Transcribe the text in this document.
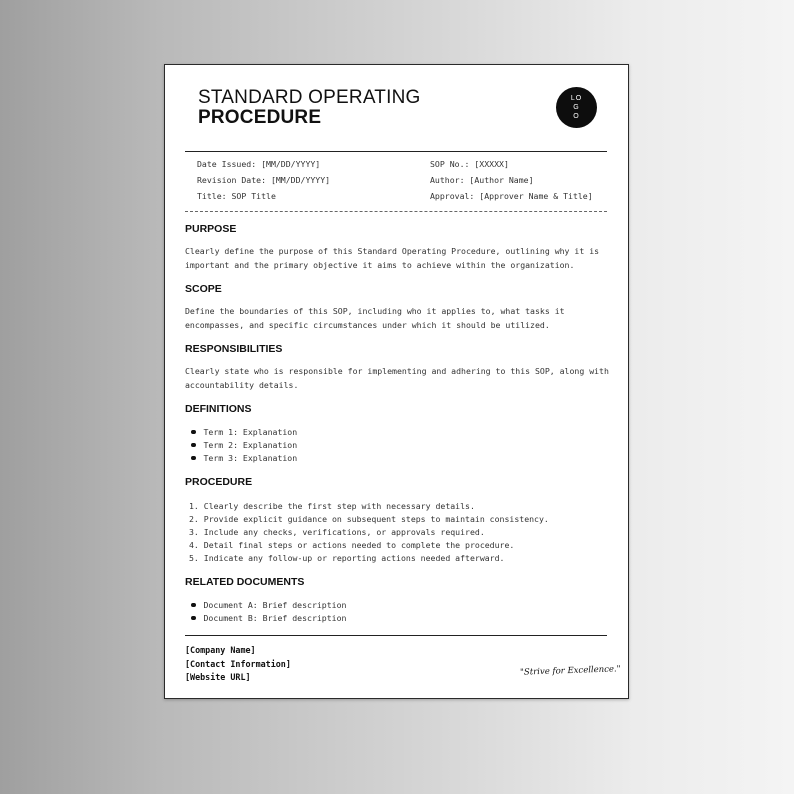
STANDARD OPERATING
PROCEDURE
LOGO
Date Issued: [MM/DD/YYYY]
Revision Date: [MM/DD/YYYY]
Title: SOP Title
SOP No.: [XXXXX]
Author: [Author Name]
Approval: [Approver Name & Title]
PURPOSE
Clearly define the purpose of this Standard Operating Procedure, outlining why it is important and the primary objective it aims to achieve within the organization.
SCOPE
Define the boundaries of this SOP, including who it applies to, what tasks it encompasses, and specific circumstances under which it should be utilized.
RESPONSIBILITIES
Clearly state who is responsible for implementing and adhering to this SOP, along with accountability details.
DEFINITIONS
Term 1: Explanation
Term 2: Explanation
Term 3: Explanation
PROCEDURE
1. Clearly describe the first step with necessary details.
2. Provide explicit guidance on subsequent steps to maintain consistency.
3. Include any checks, verifications, or approvals required.
4. Detail final steps or actions needed to complete the procedure.
5. Indicate any follow-up or reporting actions needed afterward.
RELATED DOCUMENTS
Document A: Brief description
Document B: Brief description
[Company Name]
[Contact Information]
[Website URL]	"Strive for Excellence."
